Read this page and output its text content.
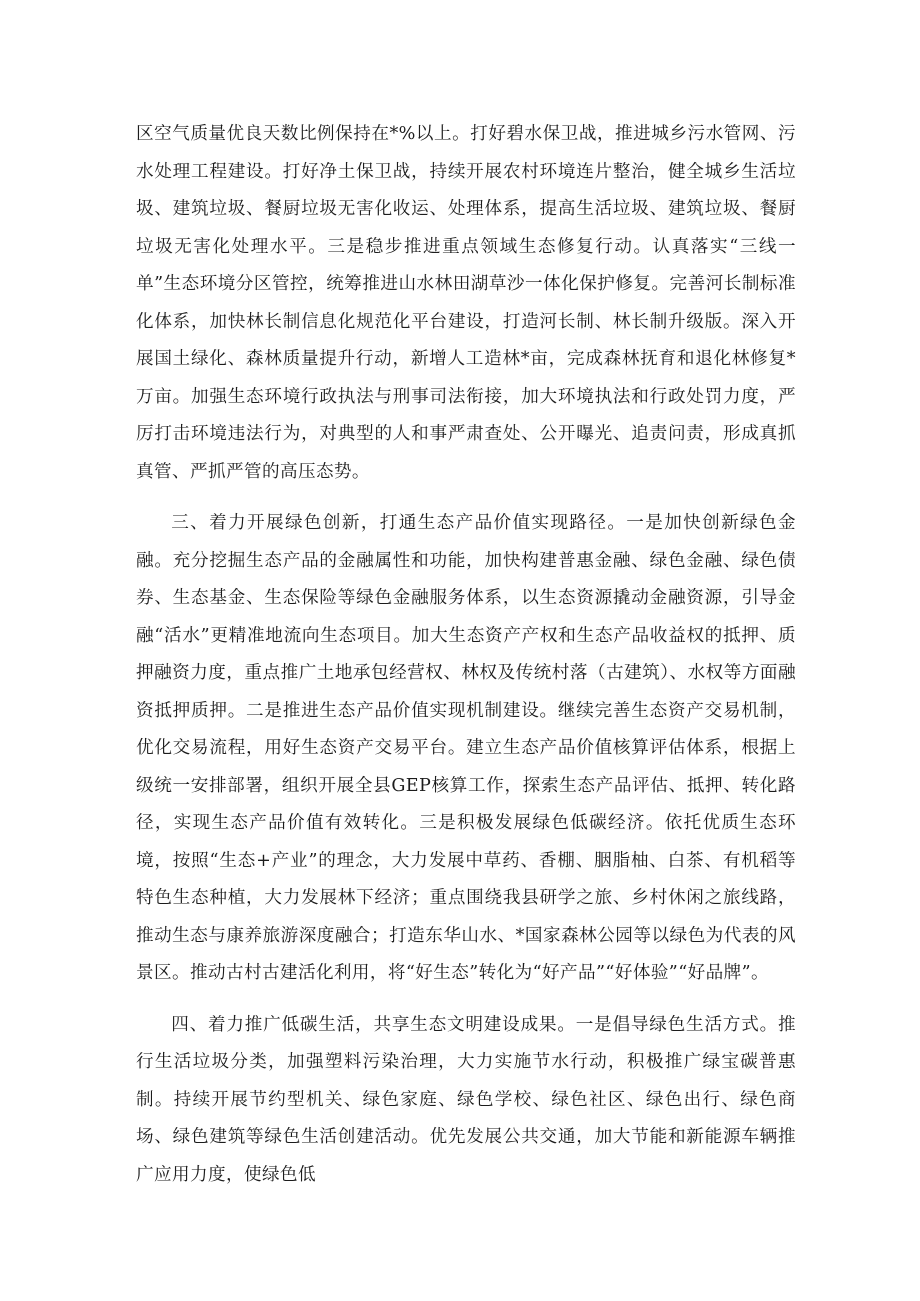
区空气质量优良天数比例保持在*%以上。打好碧水保卫战，推进城乡污水管网、污水处理工程建设。打好净土保卫战，持续开展农村环境连片整治，健全城乡生活垃圾、建筑垃圾、餐厨垃圾无害化收运、处理体系，提高生活垃圾、建筑垃圾、餐厨垃圾无害化处理水平。三是稳步推进重点领域生态修复行动。认真落实“三线一单”生态环境分区管控，统筹推进山水林田湖草沙一体化保护修复。完善河长制标准化体系，加快林长制信息化规范化平台建设，打造河长制、林长制升级版。深入开展国土绿化、森林质量提升行动，新增人工造林*亩，完成森林抚育和退化林修复*万亩。加强生态环境行政执法与刑事司法衔接，加大环境执法和行政处罚力度，严厉打击环境违法行为，对典型的人和事严肃查处、公开曝光、追责问责，形成真抓真管、严抓严管的高压态势。

三、着力开展绿色创新，打通生态产品价值实现路径。一是加快创新绿色金融。充分挖掘生态产品的金融属性和功能，加快构建普惠金融、绿色金融、绿色债券、生态基金、生态保险等绿色金融服务体系，以生态资源撬动金融资源，引导金融“活水”更精准地流向生态项目。加大生态资产产权和生态产品收益权的抵押、质押融资力度，重点推广土地承包经营权、林权及传统村落（古建筑）、水权等方面融资抵押质押。二是推进生态产品价值实现机制建设。继续完善生态资产交易机制，优化交易流程，用好生态资产交易平台。建立生态产品价值核算评估体系，根据上级统一安排部署，组织开展全县GEP核算工作，探索生态产品评估、抵押、转化路径，实现生态产品价值有效转化。三是积极发展绿色低碳经济。依托优质生态环境，按照“生态+产业”的理念，大力发展中草药、香棚、胭脂柚、白茶、有机稻等特色生态种植，大力发展林下经济；重点围绕我县研学之旅、乡村休闲之旅线路，推动生态与康养旅游深度融合；打造东华山水、*国家森林公园等以绿色为代表的风景区。推动古村古建活化利用，将“好生态”转化为“好产品”“好体验”“好品牌”。

四、着力推广低碳生活，共享生态文明建设成果。一是倡导绿色生活方式。推行生活垃圾分类，加强塑料污染治理，大力实施节水行动，积极推广绿宝碳普惠制。持续开展节约型机关、绿色家庭、绿色学校、绿色社区、绿色出行、绿色商场、绿色建筑等绿色生活创建活动。优先发展公共交通，加大节能和新能源车辆推广应用力度，使绿色低
